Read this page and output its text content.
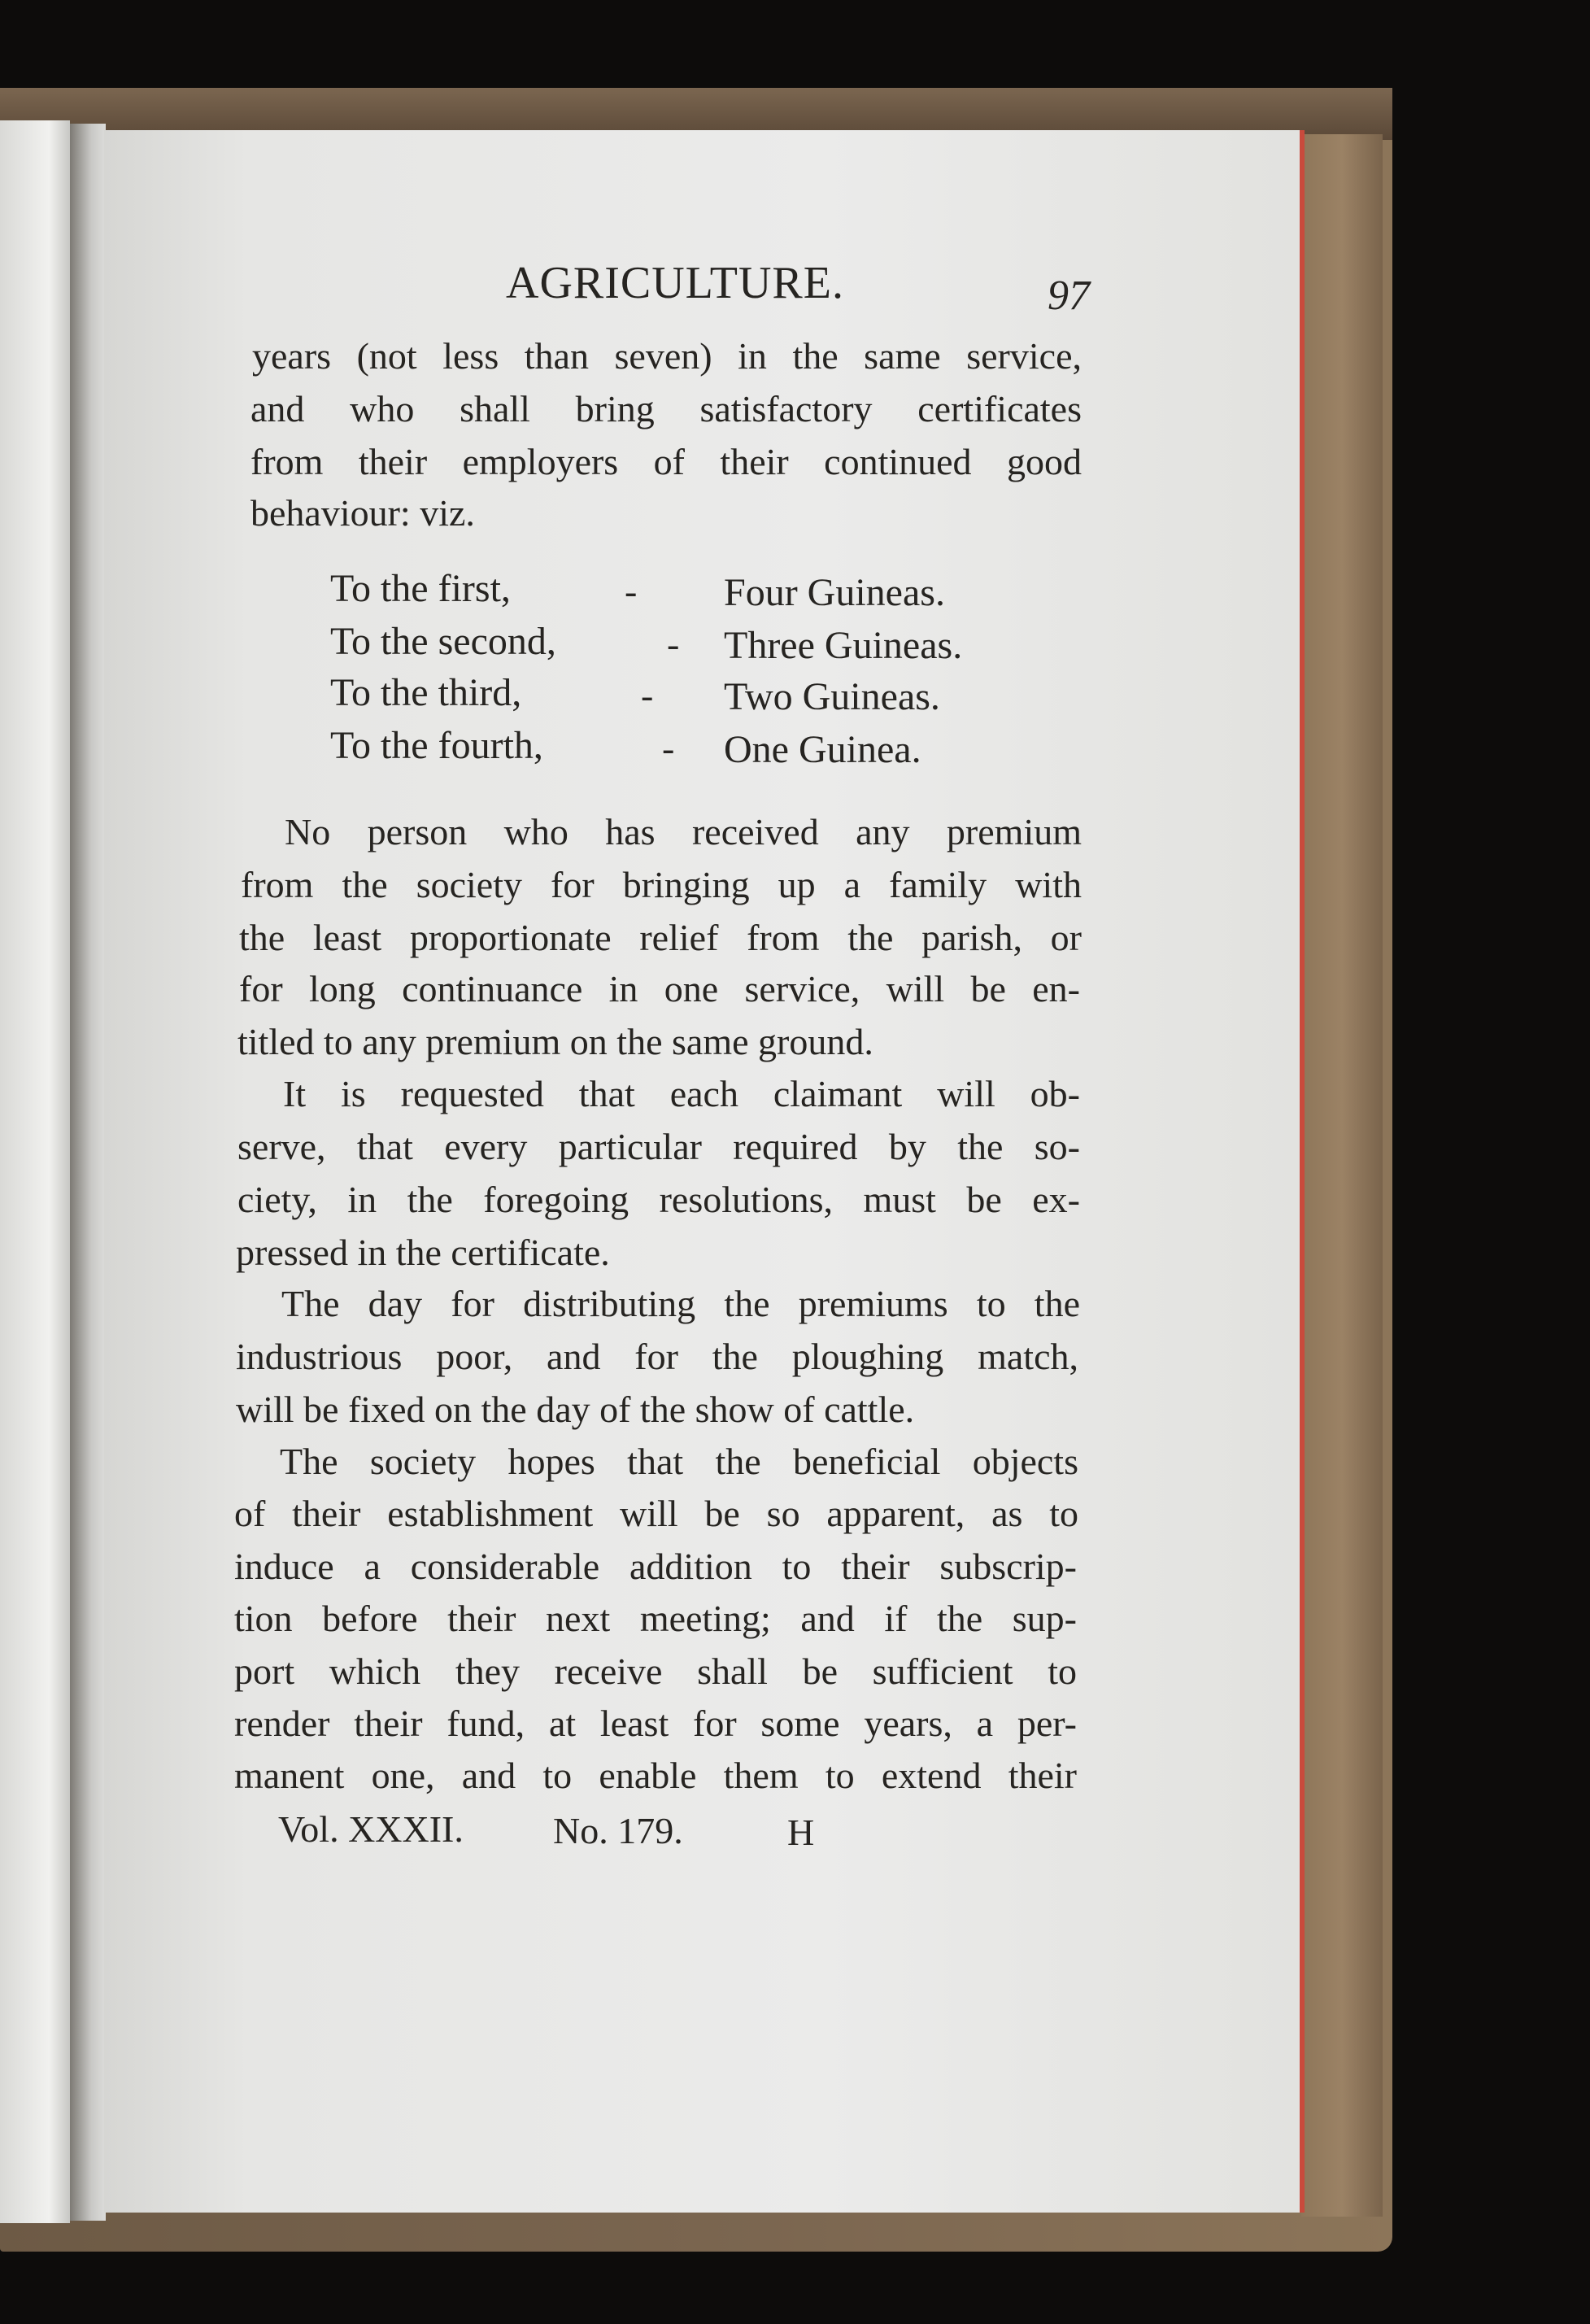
AGRICULTURE.	97
years (not less than seven) in the same service,
and who shall bring satisfactory certificates
from their employers of their continued good
behaviour: viz.
To the first,	- Four Guineas.
To the second,	- Three Guineas.
To the third,	- Two Guineas.
To the fourth,	- One Guinea.
No person who has received any premium
from the society for bringing up a family with
the least proportionate relief from the parish, or
for long continuance in one service, will be en-
titled to any premium on the same ground.
It is requested that each claimant will ob-
serve, that every particular required by the so-
ciety, in the foregoing resolutions, must be ex-
pressed in the certificate.
The day for distributing the premiums to the
industrious poor, and for the ploughing match,
will be fixed on the day of the show of cattle.
The society hopes that the beneficial objects
of their establishment will be so apparent, as to
induce a considerable addition to their subscrip-
tion before their next meeting; and if the sup-
port which they receive shall be sufficient to
render their fund, at least for some years, a per-
manent one, and to enable them to extend their
Vol. XXXII. No. 179.	H
